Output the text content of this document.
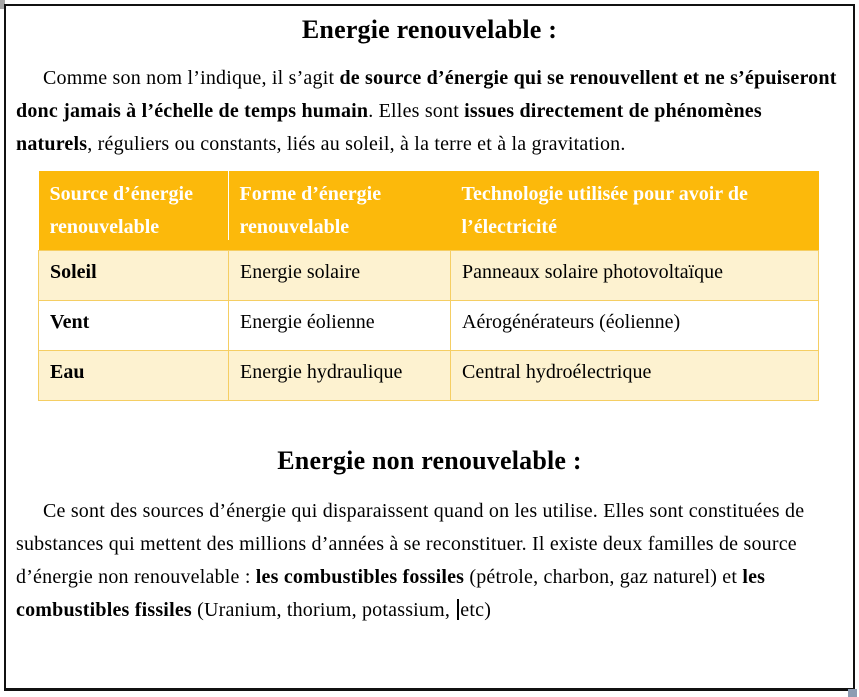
Energie renouvelable :

Comme son nom l’indique, il s’agit de source d’énergie qui se renouvellent et ne s’épuiseront donc jamais à l’échelle de temps humain. Elles sont issues directement de phénomènes naturels, réguliers ou constants, liés au soleil, à la terre et à la gravitation.

Source d’énergie renouvelable	Forme d’énergie renouvelable	Technologie utilisée pour avoir de l’électricité
Soleil	Energie solaire	Panneaux solaire photovoltaïque
Vent	Energie éolienne	Aérogénérateurs (éolienne)
Eau	Energie hydraulique	Central hydroélectrique
Energie non renouvelable :

Ce sont des sources d’énergie qui disparaissent quand on les utilise. Elles sont constituées de substances qui mettent des millions d’années à se reconstituer. Il existe deux familles de source d’énergie non renouvelable : les combustibles fossiles (pétrole, charbon, gaz naturel) et les combustibles fissiles (Uranium, thorium, potassium, etc)
